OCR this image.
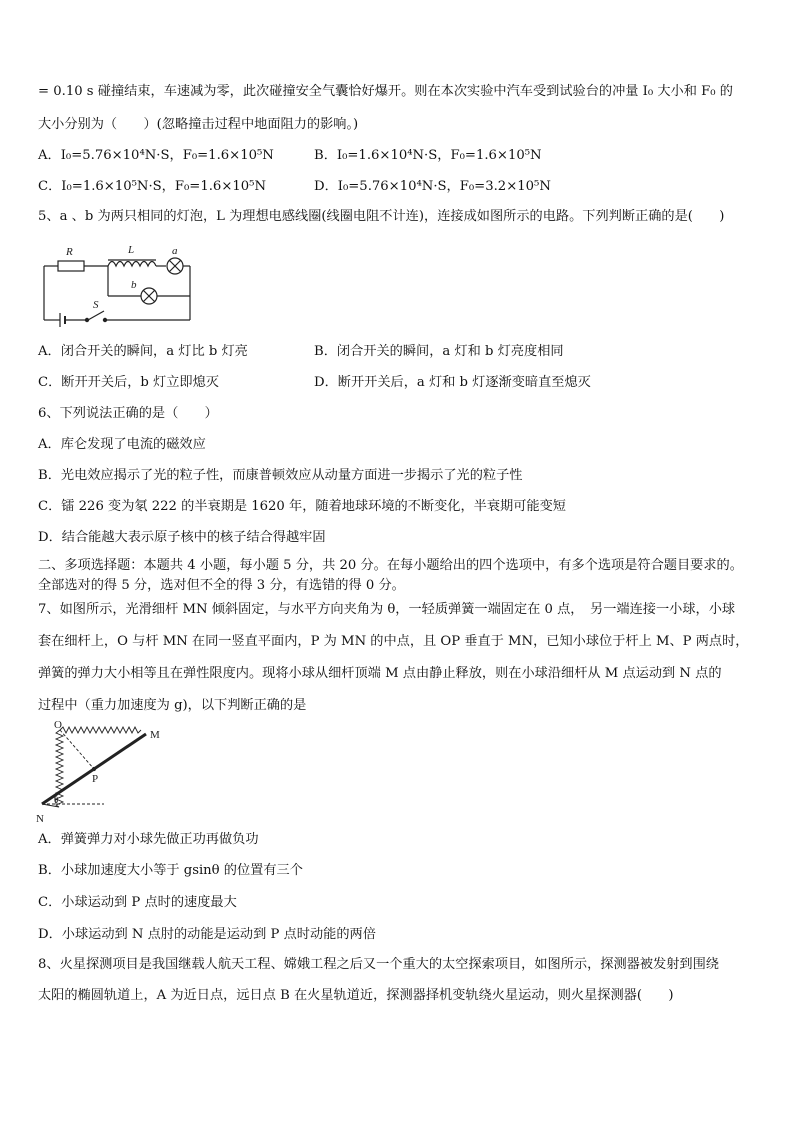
= 0.10 s 碰撞结束，车速减为零，此次碰撞安全气囊恰好爆开。则在本次实验中汽车受到试验台的冲量 I₀ 大小和 F₀ 的
大小分别为（　　）(忽略撞击过程中地面阻力的影响。)
A．I₀=5.76×10⁴N·S，F₀=1.6×10⁵N	B．I₀=1.6×10⁴N·S，F₀=1.6×10⁵N
C．I₀=1.6×10⁵N·S，F₀=1.6×10⁵N	D．I₀=5.76×10⁴N·S，F₀=3.2×10⁵N
5、a 、b 为两只相同的灯泡，L 为理想电感线圈(线圈电阻不计连)，连接成如图所示的电路。下列判断正确的是(　　)
R	L	a
b
S
A．闭合开关的瞬间，a 灯比 b 灯亮	B．闭合开关的瞬间，a 灯和 b 灯亮度相同
C．断开开关后，b 灯立即熄灭	D．断开开关后，a 灯和 b 灯逐渐变暗直至熄灭
6、下列说法正确的是（　　）
A．库仑发现了电流的磁效应
B．光电效应揭示了光的粒子性，而康普顿效应从动量方面进一步揭示了光的粒子性
C．镭 226 变为氡 222 的半衰期是 1620 年，随着地球环境的不断变化，半衰期可能变短
D．结合能越大表示原子核中的核子结合得越牢固
二、多项选择题：本题共 4 小题，每小题 5 分，共 20 分。在每小题给出的四个选项中，有多个选项是符合题目要求的。
全部选对的得 5 分，选对但不全的得 3 分，有选错的得 0 分。
7、如图所示，光滑细杆 MN 倾斜固定，与水平方向夹角为 θ，一轻质弹簧一端固定在 0 点，　另一端连接一小球，小球
套在细杆上，O 与杆 MN 在同一竖直平面内，P 为 MN 的中点，且 OP 垂直于 MN，已知小球位于杆上 M、P 两点时，
弹簧的弹力大小相等且在弹性限度内。现将小球从细杆顶端 M 点由静止释放，则在小球沿细杆从 M 点运动到 N 点的
过程中（重力加速度为 g)，以下判断正确的是
O
M
P
N
θ
A．弹簧弹力对小球先做正功再做负功
B．小球加速度大小等于 gsinθ 的位置有三个
C．小球运动到 P 点时的速度最大
D．小球运动到 N 点肘的动能是运动到 P 点时动能的两倍
8、火星探测项目是我国继载人航天工程、嫦娥工程之后又一个重大的太空探索项目，如图所示，探测器被发射到围绕
太阳的椭圆轨道上，A 为近日点，远日点 B 在火星轨道近，探测器择机变轨绕火星运动，则火星探测器(　　)
